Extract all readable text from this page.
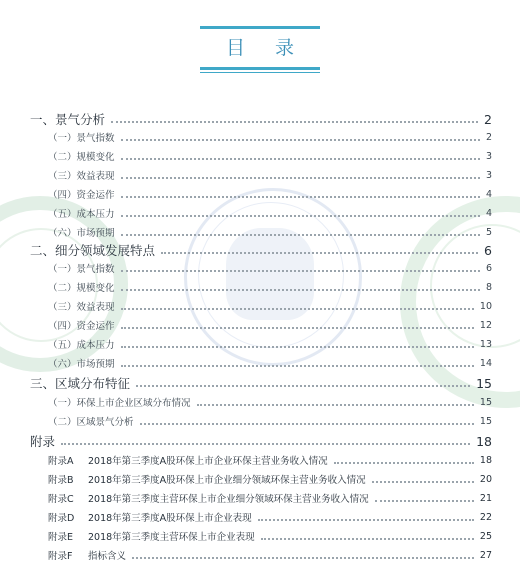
目 录
一、景气分析	2
（一）景气指数	2
（二）规模变化	3
（三）效益表现	3
（四）资金运作	4
（五）成本压力	4
（六）市场预期	5
二、细分领域发展特点	6
（一）景气指数	6
（二）规模变化	8
（三）效益表现	10
（四）资金运作	12
（五）成本压力	13
（六）市场预期	14
三、区域分布特征	15
（一）环保上市企业区域分布情况	15
（二）区域景气分析	15
附录	18
附录A 2018年第三季度A股环保上市企业环保主营业务收入情况	18
附录B 2018年第三季度A股环保上市企业细分领域环保主营业务收入情况	20
附录C 2018年第三季度主营环保上市企业细分领域环保主营业务收入情况	21
附录D 2018年第三季度A股环保上市企业表现	22
附录E 2018年第三季度主营环保上市企业表现	25
附录F 指标含义	27
